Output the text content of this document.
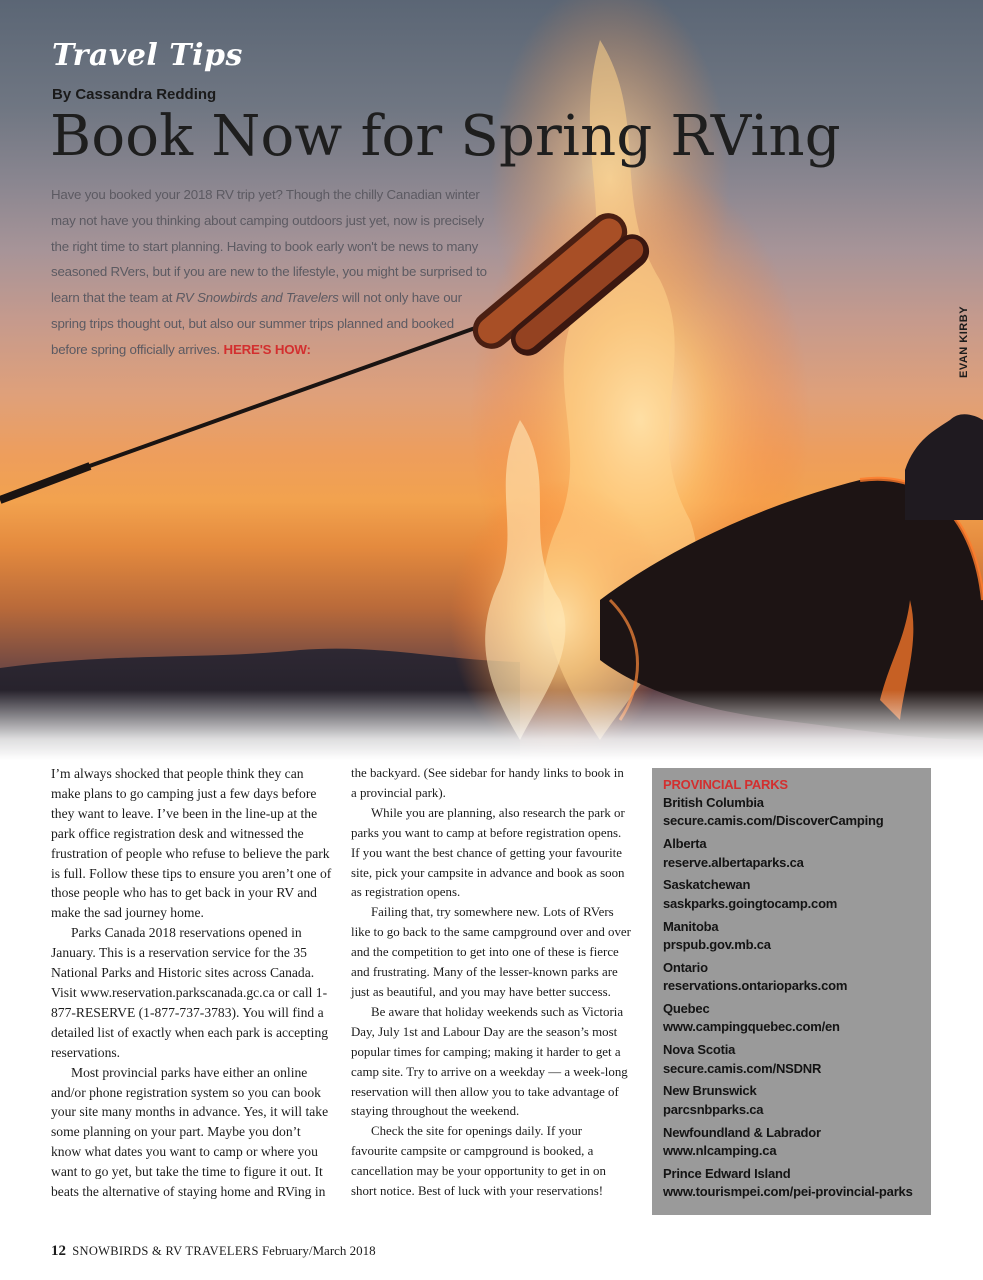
Travel Tips
By Cassandra Redding
Book Now for Spring RVing
Have you booked your 2018 RV trip yet? Though the chilly Canadian winter may not have you thinking about camping outdoors just yet, now is precisely the right time to start planning. Having to book early won't be news to many seasoned RVers, but if you are new to the lifestyle, you might be surprised to learn that the team at RV Snowbirds and Travelers will not only have our spring trips thought out, but also our summer trips planned and booked before spring officially arrives. HERE'S HOW:	EVAN KIRBY

I’m always shocked that people think they can make plans to go camping just a few days before they want to leave. I’ve been in the line-up at the park office registration desk and witnessed the frustration of people who refuse to believe the park is full. Follow these tips to ensure you aren’t one of those people who has to get back in your RV and make the sad journey home.

Parks Canada 2018 reservations opened in January. This is a reservation service for the 35 National Parks and Historic sites across Canada. Visit www.reservation.parkscanada.gc.ca or call 1-877-RESERVE (1-877-737-3783). You will find a detailed list of exactly when each park is accepting reservations.

Most provincial parks have either an online and/or phone registration system so you can book your site many months in advance. Yes, it will take some planning on your part. Maybe you don’t know what dates you want to camp or where you want to go yet, but take the time to figure it out. It beats the alternative of staying home and RVing in

the backyard. (See sidebar for handy links to book in a provincial park).

While you are planning, also research the park or parks you want to camp at before registration opens. If you want the best chance of getting your favourite site, pick your campsite in advance and book as soon as registration opens.

Failing that, try somewhere new. Lots of RVers like to go back to the same campground over and over and the competition to get into one of these is fierce and frustrating. Many of the lesser-known parks are just as beautiful, and you may have better success.

Be aware that holiday weekends such as Victoria Day, July 1st and Labour Day are the season’s most popular times for camping; making it harder to get a camp site. Try to arrive on a weekday — a week-long reservation will then allow you to take advantage of staying throughout the weekend.

Check the site for openings daily. If your favourite campsite or campground is booked, a cancellation may be your opportunity to get in on short notice. Best of luck with your reservations!

PROVINCIAL PARKS
British Columbia
secure.camis.com/DiscoverCamping
Alberta
reserve.albertaparks.ca
Saskatchewan
saskparks.goingtocamp.com
Manitoba
prspub.gov.mb.ca
Ontario
reservations.ontarioparks.com
Quebec
www.campingquebec.com/en
Nova Scotia
secure.camis.com/NSDNR
New Brunswick
parcsnbparks.ca
Newfoundland & Labrador
www.nlcamping.ca
Prince Edward Island
www.tourismpei.com/pei-provincial-parks
12 SNOWBIRDS & RV TRAVELERS February/March 2018
